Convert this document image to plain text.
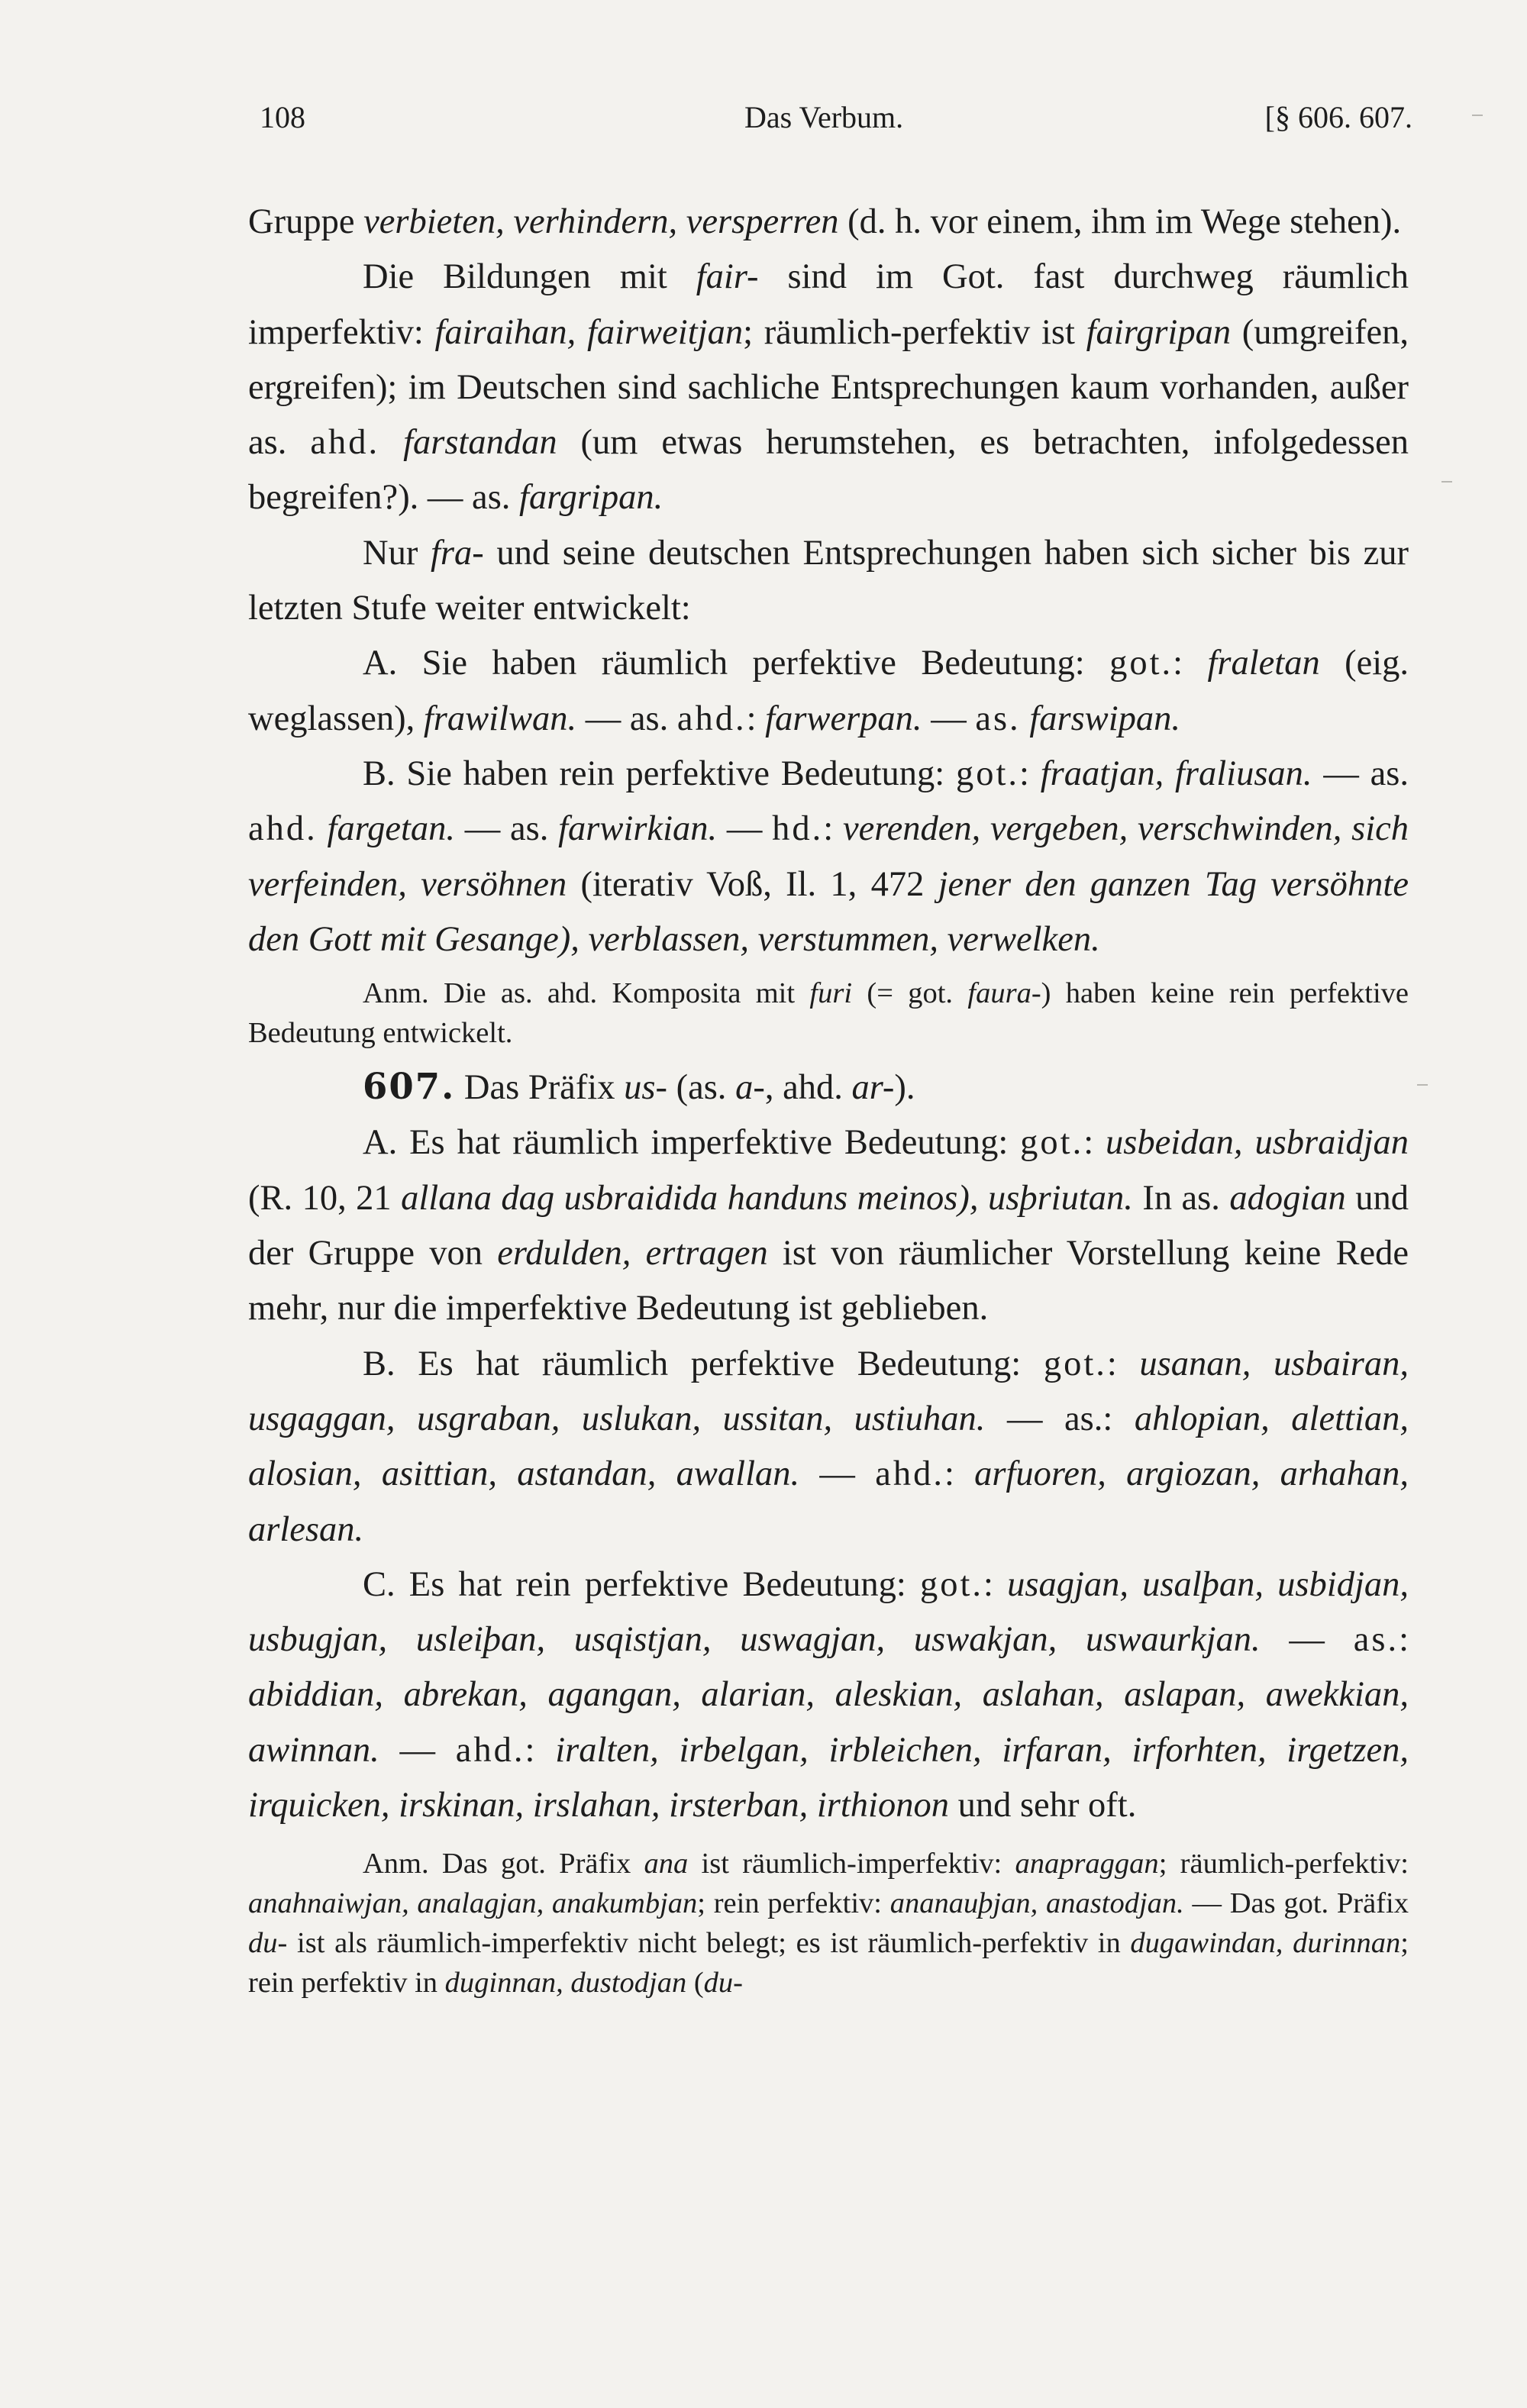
108	Das Verbum.	[§ 606. 607.

Gruppe verbieten, verhindern, versperren (d. h. vor einem, ihm im Wege stehen).

Die Bildungen mit fair- sind im Got. fast durchweg räumlich imperfektiv: fairaihan, fairweitjan; räumlich-perfektiv ist fairgripan (umgreifen, ergreifen); im Deutschen sind sachliche Entsprechungen kaum vorhanden, außer as. ahd. farstandan (um etwas herumstehen, es betrachten, infolgedessen begreifen?). — as. fargripan.

Nur fra- und seine deutschen Entsprechungen haben sich sicher bis zur letzten Stufe weiter entwickelt:

A. Sie haben räumlich perfektive Bedeutung: got.: fraletan (eig. weglassen), frawilwan. — as. ahd.: farwerpan. — as. farswipan.

B. Sie haben rein perfektive Bedeutung: got.: fraatjan, fraliusan. — as. ahd. fargetan. — as. farwirkian. — hd.: verenden, vergeben, verschwinden, sich verfeinden, versöhnen (iterativ Voß, Il. 1, 472 jener den ganzen Tag versöhnte den Gott mit Gesange), verblassen, verstummen, verwelken.

Anm. Die as. ahd. Komposita mit furi (= got. faura-) haben keine rein perfektive Bedeutung entwickelt.

607. Das Präfix us- (as. a-, ahd. ar-).

A. Es hat räumlich imperfektive Bedeutung: got.: usbeidan, usbraidjan (R. 10, 21 allana dag usbraidida handuns meinos), usþriutan. In as. adogian und der Gruppe von erdulden, ertragen ist von räumlicher Vorstellung keine Rede mehr, nur die imperfektive Bedeutung ist geblieben.

B. Es hat räumlich perfektive Bedeutung: got.: usanan, usbairan, usgaggan, usgraban, uslukan, ussitan, ustiuhan. — as.: ahlopian, alettian, alosian, asittian, astandan, awallan. — ahd.: arfuoren, argiozan, arhahan, arlesan.

C. Es hat rein perfektive Bedeutung: got.: usagjan, usalþan, usbidjan, usbugjan, usleiþan, usqistjan, uswagjan, uswakjan, uswaurkjan. — as.: abiddian, abrekan, agangan, alarian, aleskian, aslahan, aslapan, awekkian, awinnan. — ahd.: iralten, irbelgan, irbleichen, irfaran, irforhten, irgetzen, irquicken, irskinan, irslahan, irsterban, irthionon und sehr oft.

Anm. Das got. Präfix ana ist räumlich-imperfektiv: anapraggan; räumlich-perfektiv: anahnaiwjan, analagjan, anakumbjan; rein perfektiv: ananauþjan, anastodjan. — Das got. Präfix du- ist als räumlich-imperfektiv nicht belegt; es ist räumlich-perfektiv in dugawindan, durinnan; rein perfektiv in duginnan, dustodjan (du-
